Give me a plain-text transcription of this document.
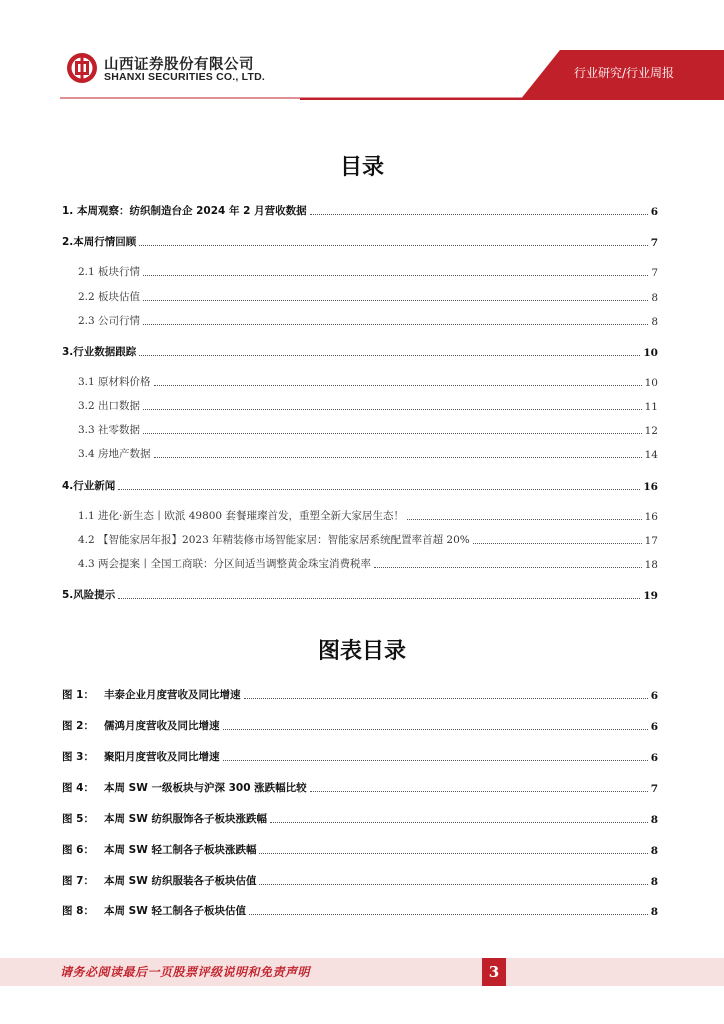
山西证券股份有限公司
SHANXI SECURITIES CO., LTD.	行业研究/行业周报
目录
1. 本周观察：纺织制造台企 2024 年 2 月营收数据	6
2.本周行情回顾	7
2.1 板块行情	7
2.2 板块估值	8
2.3 公司行情	8
3.行业数据跟踪	10
3.1 原材料价格	10
3.2 出口数据	11
3.3 社零数据	12
3.4 房地产数据	14
4.行业新闻	16
1.1 进化·新生态丨欧派 49800 套餐璀璨首发，重塑全新大家居生态！	16
4.2 【智能家居年报】2023 年精装修市场智能家居：智能家居系统配置率首超 20%	17
4.3 两会提案丨全国工商联：分区间适当调整黄金珠宝消费税率	18
5.风险提示	19
图表目录
图 1： 丰泰企业月度营收及同比增速	6
图 2： 儒鸿月度营收及同比增速	6
图 3： 聚阳月度营收及同比增速	6
图 4： 本周 SW 一级板块与沪深 300 涨跌幅比较	7
图 5： 本周 SW 纺织服饰各子板块涨跌幅	8
图 6： 本周 SW 轻工制各子板块涨跌幅	8
图 7： 本周 SW 纺织服装各子板块估值	8
图 8： 本周 SW 轻工制各子板块估值	8
请务必阅读最后一页股票评级说明和免责声明	3
